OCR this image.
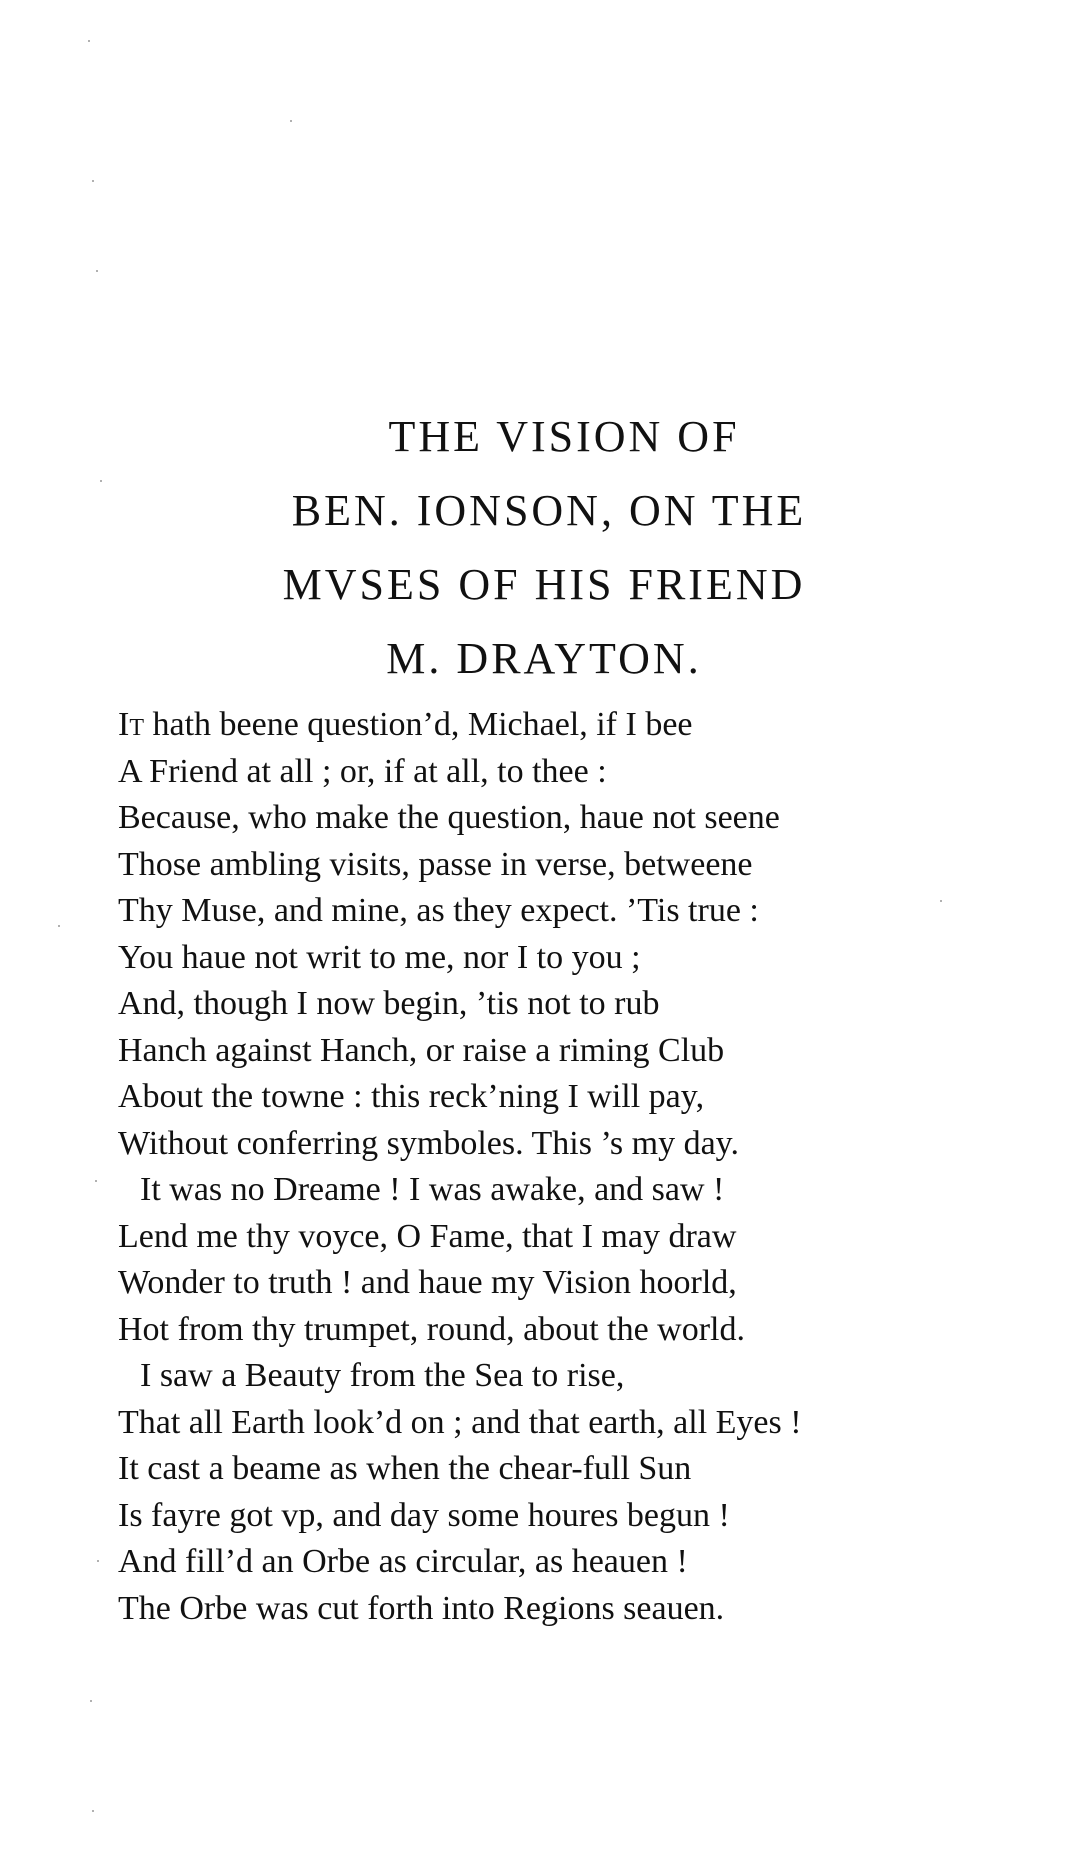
THE VISION OF
BEN. IONSON, ON THE
MVSES OF HIS FRIEND
M. DRAYTON.
It hath beene question’d, Michael, if I bee
A Friend at all ; or, if at all, to thee :
Because, who make the question, haue not seene
Those ambling visits, passe in verse, betweene
Thy Muse, and mine, as they expect. ’Tis true :
You haue not writ to me, nor I to you ;
And, though I now begin, ’tis not to rub
Hanch against Hanch, or raise a riming Club
About the towne : this reck’ning I will pay,
Without conferring symboles. This ’s my day.
It was no Dreame ! I was awake, and saw !
Lend me thy voyce, O Fame, that I may draw
Wonder to truth ! and haue my Vision hoorld,
Hot from thy trumpet, round, about the world.
I saw a Beauty from the Sea to rise,
That all Earth look’d on ; and that earth, all Eyes !
It cast a beame as when the chear-full Sun
Is fayre got vp, and day some houres begun !
And fill’d an Orbe as circular, as heauen !
The Orbe was cut forth into Regions seauen.
